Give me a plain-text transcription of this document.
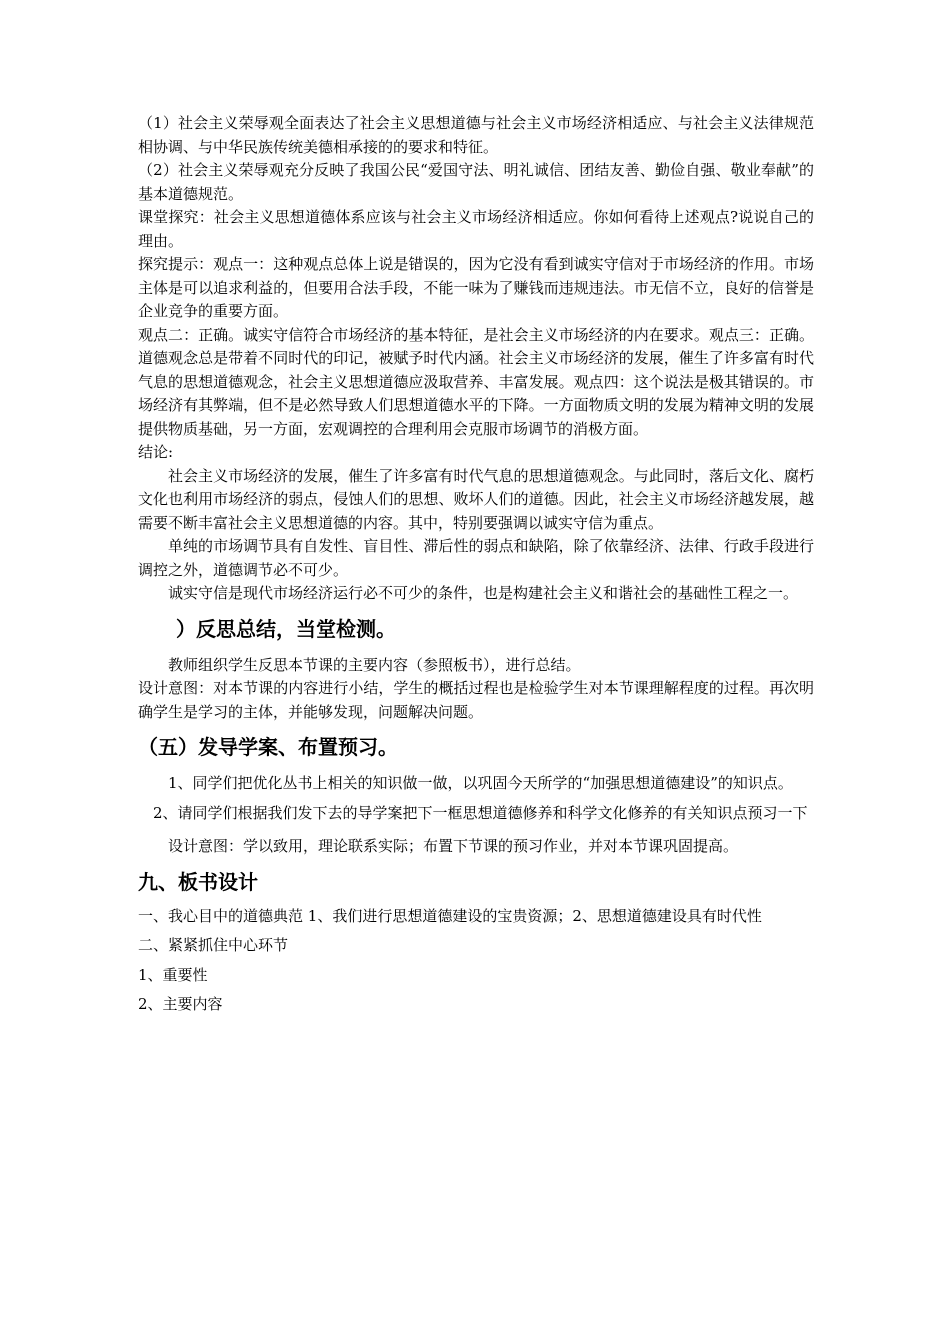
（1）社会主义荣辱观全面表达了社会主义思想道德与社会主义市场经济相适应、与社会主义法律规范相协调、与中华民族传统美德相承接的的要求和特征。

（2）社会主义荣辱观充分反映了我国公民“爱国守法、明礼诚信、团结友善、勤俭自强、敬业奉献”的基本道德规范。

课堂探究：社会主义思想道德体系应该与社会主义市场经济相适应。你如何看待上述观点?说说自己的理由。

探究提示：观点一：这种观点总体上说是错误的，因为它没有看到诚实守信对于市场经济的作用。市场主体是可以追求利益的，但要用合法手段，不能一味为了赚钱而违规违法。市无信不立，良好的信誉是企业竞争的重要方面。

观点二：正确。诚实守信符合市场经济的基本特征，是社会主义市场经济的内在要求。观点三：正确。道德观念总是带着不同时代的印记，被赋予时代内涵。社会主义市场经济的发展，催生了许多富有时代气息的思想道德观念，社会主义思想道德应汲取营养、丰富发展。观点四：这个说法是极其错误的。市场经济有其弊端，但不是必然导致人们思想道德水平的下降。一方面物质文明的发展为精神文明的发展提供物质基础，另一方面，宏观调控的合理利用会克服市场调节的消极方面。

结论:

社会主义市场经济的发展，催生了许多富有时代气息的思想道德观念。与此同时，落后文化、腐朽文化也利用市场经济的弱点，侵蚀人们的思想、败坏人们的道德。因此，社会主义市场经济越发展，越需要不断丰富社会主义思想道德的内容。其中，特别要强调以诚实守信为重点。

单纯的市场调节具有自发性、盲目性、滞后性的弱点和缺陷，除了依靠经济、法律、行政手段进行调控之外，道德调节必不可少。

诚实守信是现代市场经济运行必不可少的条件，也是构建社会主义和谐社会的基础性工程之一。

）反思总结，当堂检测。

教师组织学生反思本节课的主要内容（参照板书），进行总结。

设计意图：对本节课的内容进行小结，学生的概括过程也是检验学生对本节课理解程度的过程。再次明确学生是学习的主体，并能够发现，问题解决问题。

（五）发导学案、布置预习。

1、同学们把优化丛书上相关的知识做一做，以巩固今天所学的“加强思想道德建设”的知识点。

2、请同学们根据我们发下去的导学案把下一框思想道德修养和科学文化修养的有关知识点预习一下

设计意图：学以致用，理论联系实际；布置下节课的预习作业，并对本节课巩固提高。

九、板书设计

一、我心目中的道德典范 1、我们进行思想道德建设的宝贵资源；2、思想道德建设具有时代性

二、紧紧抓住中心环节

1、重要性

2、主要内容
